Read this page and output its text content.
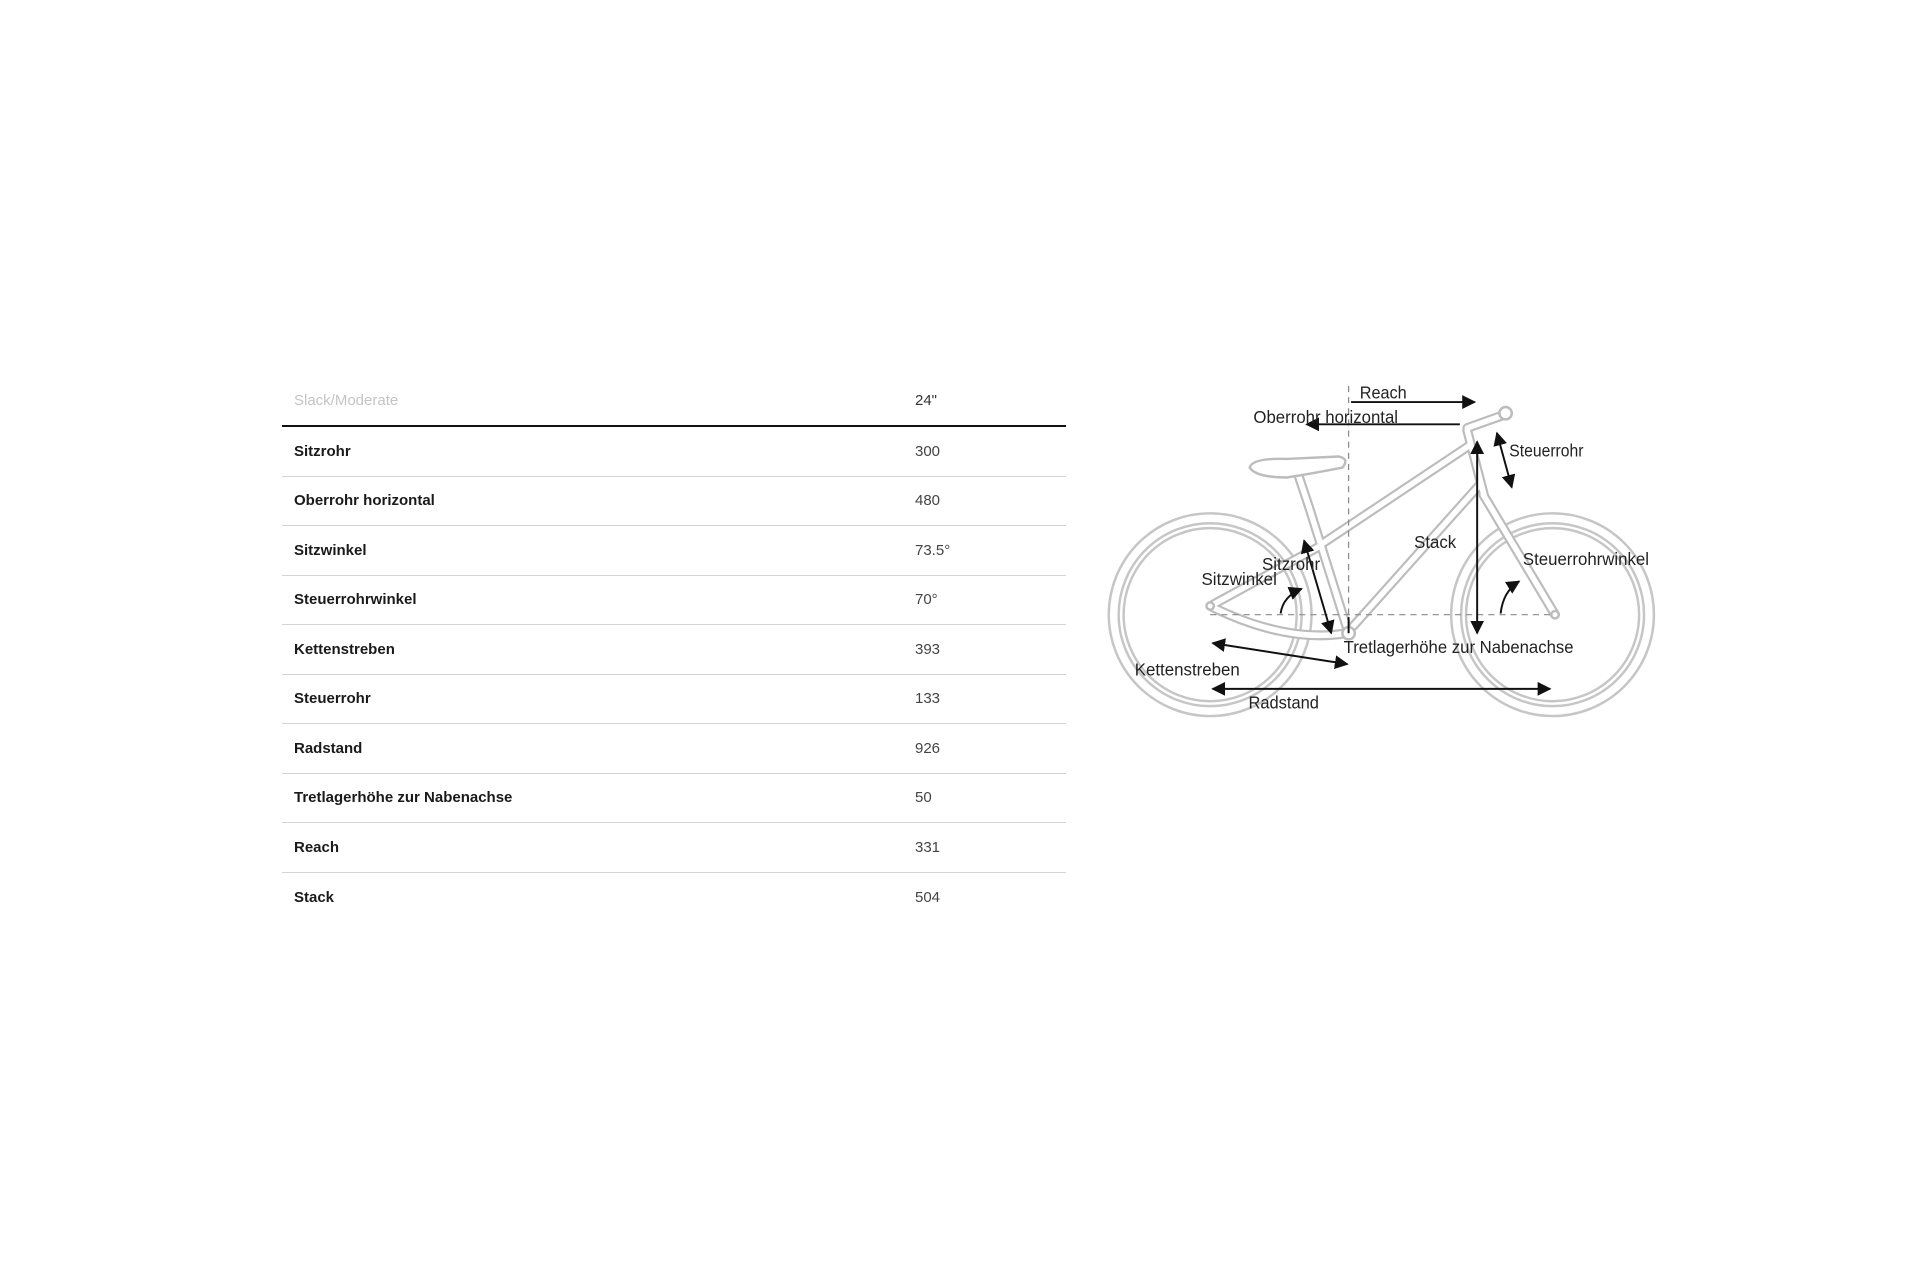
Slack/Moderate	24"
Sitzrohr	300
Oberrohr horizontal	480
Sitzwinkel	73.5°
Steuerrohrwinkel	70°
Kettenstreben	393
Steuerrohr	133
Radstand	926
Tretlagerhöhe zur Nabenachse	50
Reach	331
Stack	504
Reach
Oberrohr horizontal
Steuerrohr
Stack
Steuerrohrwinkel
Sitzrohr
Sitzwinkel
Tretlagerhöhe zur Nabenachse
Kettenstreben
Radstand
